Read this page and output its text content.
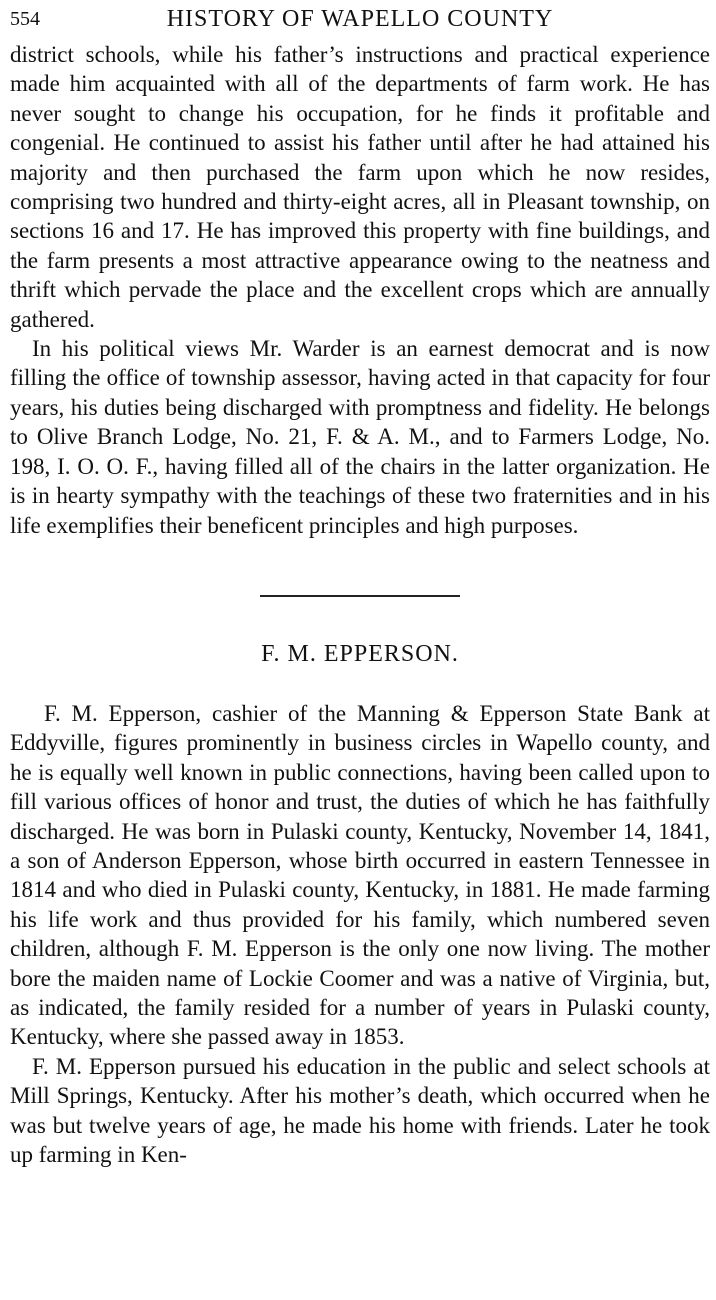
554	HISTORY OF WAPELLO COUNTY

district schools, while his father’s instructions and practical experience made him acquainted with all of the departments of farm work. He has never sought to change his occupation, for he finds it profitable and congenial. He continued to assist his father until after he had attained his majority and then purchased the farm upon which he now resides, comprising two hundred and thirty-eight acres, all in Pleasant township, on sections 16 and 17. He has improved this property with fine buildings, and the farm presents a most attractive appearance owing to the neatness and thrift which pervade the place and the excellent crops which are annually gathered.

In his political views Mr. Warder is an earnest democrat and is now filling the office of township assessor, having acted in that capacity for four years, his duties being discharged with promptness and fidelity. He belongs to Olive Branch Lodge, No. 21, F. & A. M., and to Farmers Lodge, No. 198, I. O. O. F., having filled all of the chairs in the latter organization. He is in hearty sympathy with the teachings of these two fraternities and in his life exemplifies their beneficent principles and high purposes.

F. M. EPPERSON.

F. M. Epperson, cashier of the Manning & Epperson State Bank at Eddyville, figures prominently in business circles in Wapello county, and he is equally well known in public connections, having been called upon to fill various offices of honor and trust, the duties of which he has faithfully discharged. He was born in Pulaski county, Kentucky, November 14, 1841, a son of Anderson Epperson, whose birth occurred in eastern Tennessee in 1814 and who died in Pulaski county, Kentucky, in 1881. He made farming his life work and thus provided for his family, which numbered seven children, although F. M. Epperson is the only one now living. The mother bore the maiden name of Lockie Coomer and was a native of Virginia, but, as indicated, the family resided for a number of years in Pulaski county, Kentucky, where she passed away in 1853.

F. M. Epperson pursued his education in the public and select schools at Mill Springs, Kentucky. After his mother’s death, which occurred when he was but twelve years of age, he made his home with friends. Later he took up farming in Ken-
